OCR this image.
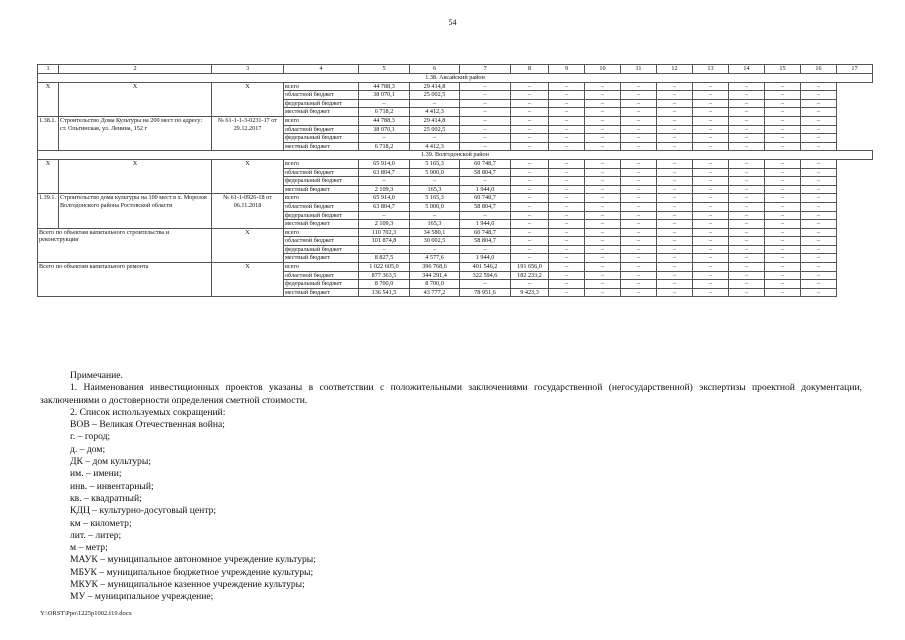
54
1	2	3	4	5	6	7	8	9	10	11	12	13	14	15	16	17
1.38. Аксайский район																
Х	Х	Х	всего	44 788,3	29 414,8	–	–	–	–	–	–	–	–	–	–	
			областной бюджет	38 070,1	25 002,5	–	–	–	–	–	–	–	–	–	–	
			федеральный бюджет	–	–	–	–	–	–	–	–	–	–	–	–	
			местный бюджет	6 718,2	4 412,3	–	–	–	–	–	–	–	–	–	–	
1.38.1.	Строительство Дома Культуры на 200 мест по адресу: ст. Ольгинская, ул. Ленина, 152 г	№ 61-1-1-3-0231-17 от 29.12.2017	всего	44 788,3	29 414,8	–	–	–	–	–	–	–	–	–	–	
			областной бюджет	38 070,1	25 002,5	–	–	–	–	–	–	–	–	–	–	
			федеральный бюджет	–	–	–	–	–	–	–	–	–	–	–	–	
			местный бюджет	6 718,2	4 412,3	–	–	–	–	–	–	–	–	–	–	
1.39. Волгодонской район																
Х	Х	Х	всего	65 914,0	5 165,3	60 748,7	–	–	–	–	–	–	–	–	–	
			областной бюджет	63 804,7	5 000,0	58 804,7	–	–	–	–	–	–	–	–	–	
			федеральный бюджет	–	–	–	–	–	–	–	–	–	–	–	–	
			местный бюджет	2 109,3	165,3	1 944,0	–	–	–	–	–	–	–	–	–	
1.39.1.	Строительство дома культуры на 100 мест в х. Морозов Волгодонского района Ростовской области	№ 61-1-0926-18 от 06.11.2018	всего	65 914,0	5 165,3	60 748,7	–	–	–	–	–	–	–	–	–	
			областной бюджет	63 804,7	5 000,0	58 804,7	–	–	–	–	–	–	–	–	–	
			федеральный бюджет	–	–	–	–	–	–	–	–	–	–	–	–	
			местный бюджет	2 109,3	165,3	1 944,0	–	–	–	–	–	–	–	–	–	
Всего по объектам капитального строительства и реконструкции		Х	всего	110 702,3	34 580,1	60 748,7	–	–	–	–	–	–	–	–	–	
			областной бюджет	101 874,8	30 002,5	58 804,7	–	–	–	–	–	–	–	–	–	
			федеральный бюджет	–	–	–	–	–	–	–	–	–	–	–	–	
			местный бюджет	8 827,5	4 577,6	1 944,0	–	–	–	–	–	–	–	–	–	
Всего по объектам капитального ремонта		Х	всего	1 022 605,0	396 768,6	401 546,2	191 656,0	–	–	–	–	–	–	–	–	
			областной бюджет	877 363,5	344 291,4	322 594,6	182 233,2	–	–	–	–	–	–	–	–	
			федеральный бюджет	8 700,0	8 700,0	–	–	–	–	–	–	–	–	–	–	
			местный бюджет	136 541,5	43 777,2	78 951,6	9 423,3	–	–	–	–	–	–	–	–	

Примечание.

1. Наименования инвестиционных проектов указаны в соответствии с положительными заключениями государственной (негосударственной) экспертизы проектной документации, заключениями о достоверности определения сметной стоимости.

2. Список используемых сокращений:

ВОВ – Великая Отечественная война;

г. – город;

д. – дом;

ДК – дом культуры;

им. – имени;

инв. – инвентарный;

кв. – квадратный;

КДЦ – культурно-досуговый центр;

км – километр;

лит. – литер;

м – метр;

МАУК – муниципальное автономное учреждение культуры;

МБУК – муниципальное бюджетное учреждение культуры;

МКУК – муниципальное казенное учреждение культуры;

МУ – муниципальное учреждение;

Y:\ORST\Ppo\1225p1002.f19.docx
